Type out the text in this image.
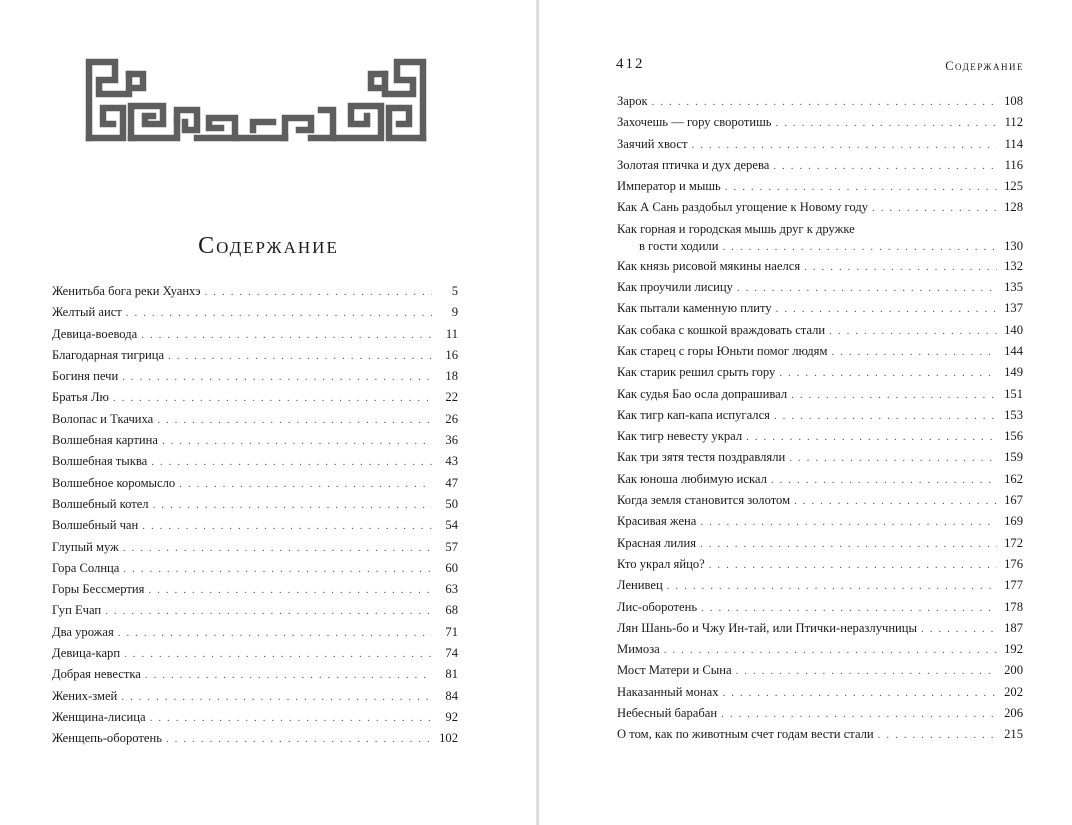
Содержание
Женитьба бога реки Хуанхэ . . .	5
Желтый аист . . .	9
Девица-воевода . . .	11
Благодарная тигрица . . .	16
Богиня печи . . .	18
Братья Лю . . .	22
Волопас и Ткачиха . . .	26
Волшебная картина . . .	36
Волшебная тыква . . .	43
Волшебное коромысло . . .	47
Волшебный котел . . .	50
Волшебный чан . . .	54
Глупый муж . . .	57
Гора Солнца . . .	60
Горы Бессмертия . . .	63
Гуп Ечап . . .	68
Два урожая . . .	71
Девица-карп . . .	74
Добрая невестка . . .	81
Жених-змей . . .	84
Женщина-лисица . . .	92
Женщепь-оборотень . . .	102
412	Содержание
Зарок . . .	108
Захочешь — гору своротишь . . .	112
Заячий хвост . . .	114
Золотая птичка и дух дерева . . .	116
Император и мышь . . .	125
Как А Сань раздобыл угощение к Новому году . . .	128
Как горная и городская мышь друг к дружке
в гости ходили . . .	130
Как князь рисовой мякины наелся . . .	132
Как проучили лисицу . . .	135
Как пытали каменную плиту . . .	137
Как собака с кошкой враждовать стали . . .	140
Как старец с горы Юньти помог людям . . .	144
Как старик решил срыть гору . . .	149
Как судья Бао осла допрашивал . . .	151
Как тигр кап-капа испугался . . .	153
Как тигр невесту украл . . .	156
Как три зятя тестя поздравляли . . .	159
Как юноша любимую искал . . .	162
Когда земля становится золотом . . .	167
Красивая жена . . .	169
Красная лилия . . .	172
Кто украл яйцо? . . .	176
Ленивец . . .	177
Лис-оборотень . . .	178
Лян Шань-бо и Чжу Ин-тай, или Птички-неразлучницы . . .	187
Мимоза . . .	192
Мост Матери и Сына . . .	200
Наказанный монах . . .	202
Небесный барабан . . .	206
О том, как по животным счет годам вести стали . . .	215
